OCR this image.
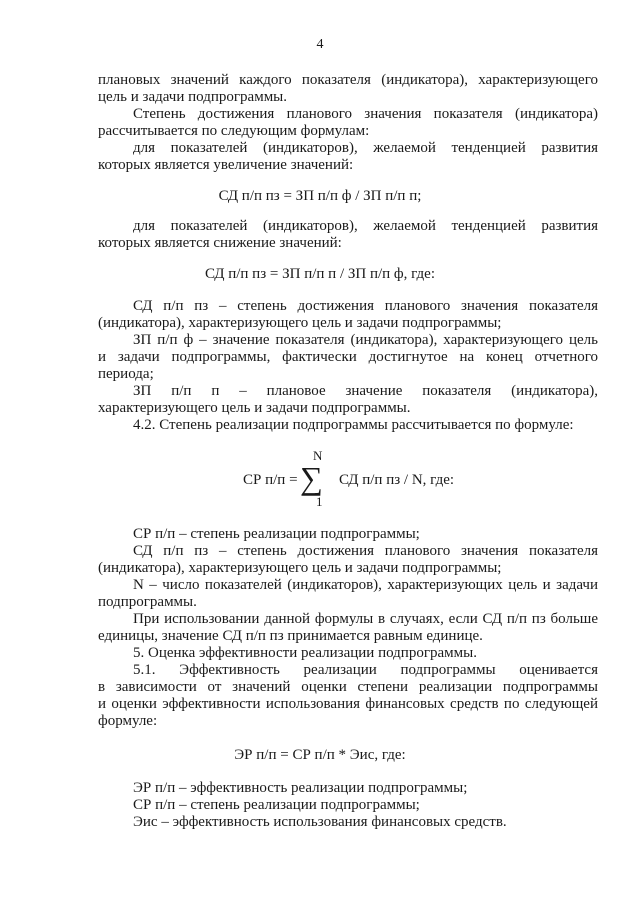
4
плановых значений каждого показателя (индикатора), характеризующего
цель и задачи подпрограммы.
Степень достижения планового значения показателя (индикатора)
рассчитывается по следующим формулам:
для показателей (индикаторов), желаемой тенденцией развития
которых является увеличение значений:
СД п/п пз = ЗП п/п ф / ЗП п/п п;
для показателей (индикаторов), желаемой тенденцией развития
которых является снижение значений:
СД п/п пз = ЗП п/п п / ЗП п/п ф, где:
СД п/п пз – степень достижения планового значения показателя
(индикатора), характеризующего цель и задачи подпрограммы;
ЗП п/п ф – значение показателя (индикатора), характеризующего цель
и задачи подпрограммы, фактически достигнутое на конец отчетного
периода;
ЗП п/п п – плановое значение показателя (индикатора),
характеризующего цель и задачи подпрограммы.
4.2. Степень реализации подпрограммы рассчитывается по формуле:
СР п/п =
N
∑
1
СД п/п пз / N, где:
СР п/п – степень реализации подпрограммы;
СД п/п пз – степень достижения планового значения показателя
(индикатора), характеризующего цель и задачи подпрограммы;
N – число показателей (индикаторов), характеризующих цель и задачи
подпрограммы.
При использовании данной формулы в случаях, если СД п/п пз больше
единицы, значение СД п/п пз принимается равным единице.
5. Оценка эффективности реализации подпрограммы.
5.1. Эффективность реализации подпрограммы оценивается
в зависимости от значений оценки степени реализации подпрограммы
и оценки эффективности использования финансовых средств по следующей
формуле:
ЭР п/п = СР п/п * Эис, где:
ЭР п/п – эффективность реализации подпрограммы;
СР п/п – степень реализации подпрограммы;
Эис – эффективность использования финансовых средств.
